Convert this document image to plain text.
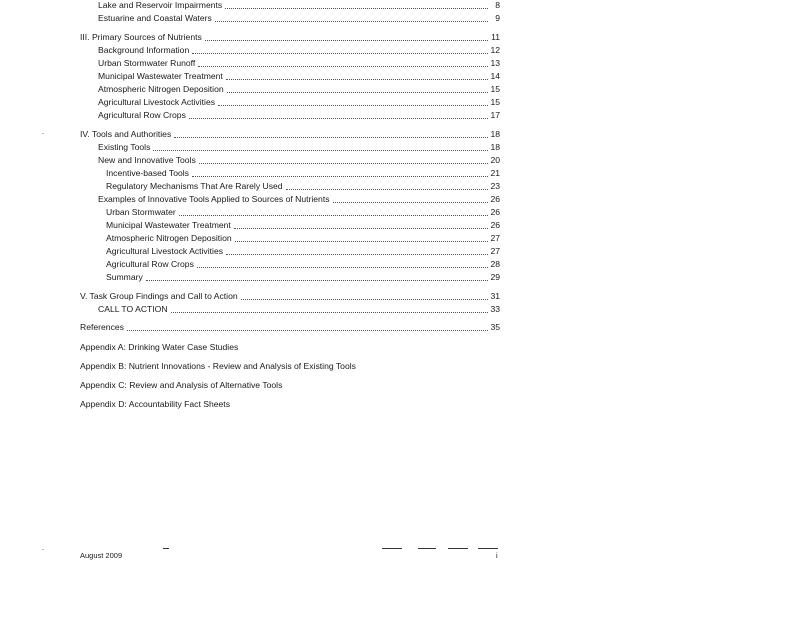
Lake and Reservoir Impairments	8
Estuarine and Coastal Waters	9
III. Primary Sources of Nutrients	11
Background Information	12
Urban Stormwater Runoff	13
Municipal Wastewater Treatment	14
Atmospheric Nitrogen Deposition	15
Agricultural Livestock Activities	15
Agricultural Row Crops	17
IV. Tools and Authorities	18
Existing Tools	18
New and Innovative Tools	20
Incentive-based Tools	21
Regulatory Mechanisms That Are Rarely Used	23
Examples of Innovative Tools Applied to Sources of Nutrients	26
Urban Stormwater	26
Municipal Wastewater Treatment	26
Atmospheric Nitrogen Deposition	27
Agricultural Livestock Activities	27
Agricultural Row Crops	28
Summary	29
V. Task Group Findings and Call to Action	31
CALL TO ACTION	33
References	35
Appendix A: Drinking Water Case Studies
Appendix B: Nutrient Innovations - Review and Analysis of Existing Tools
Appendix C: Review and Analysis of Alternative Tools
Appendix D: Accountability Fact Sheets
.
.
August 2009	i
